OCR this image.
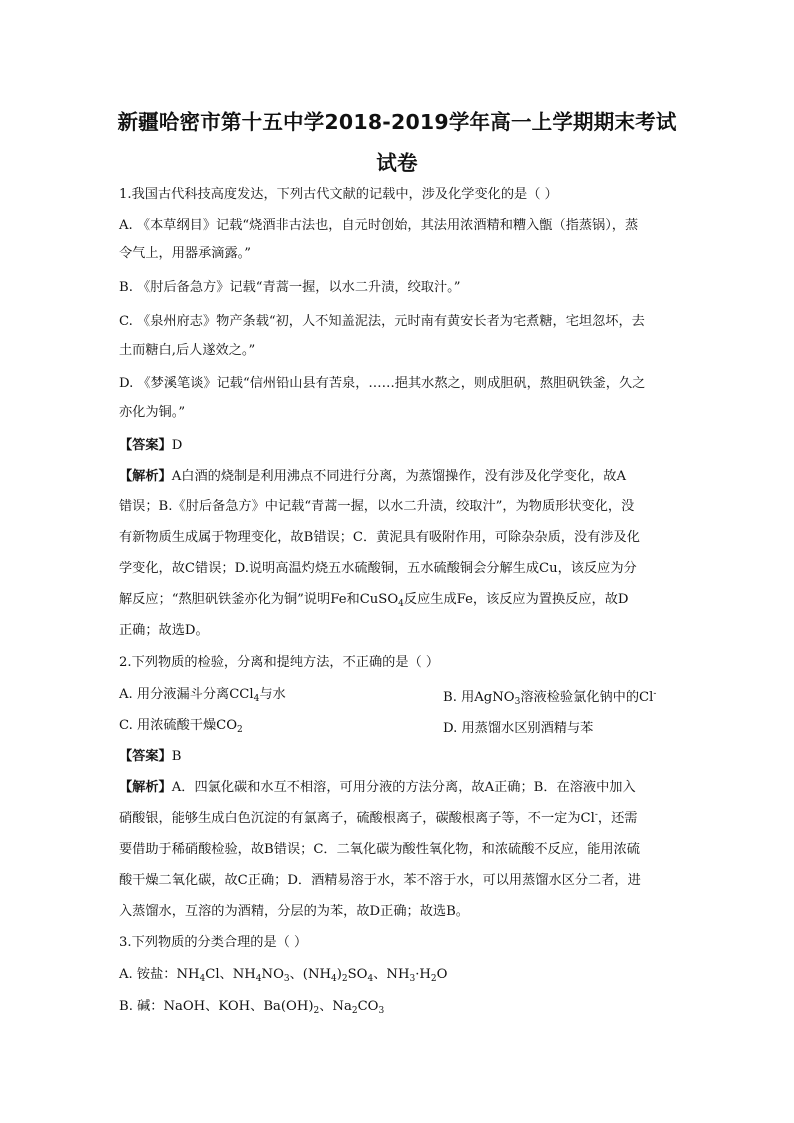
新疆哈密市第十五中学2018-2019学年高一上学期期末考试
试卷
1.我国古代科技高度发达，下列古代文献的记载中，涉及化学变化的是（ ）
A. 《本草纲目》记载“烧酒非古法也，自元时创始，其法用浓酒精和糟入甑（指蒸锅），蒸
令气上，用器承滴露。”
B. 《肘后备急方》记载“青蒿一握，以水二升渍，绞取汁。”
C. 《泉州府志》物产条载“初，人不知盖泥法，元时南有黄安长者为宅煮糖，宅坦忽坏，去
土而糖白,后人遂效之。”
D. 《梦溪笔谈》记载“信州铅山县有苦泉，……挹其水熬之，则成胆矾，熬胆矾铁釜，久之
亦化为铜。”
【答案】D
【解析】A白酒的烧制是利用沸点不同进行分离，为蒸馏操作，没有涉及化学变化，故A
错误；B.《肘后备急方》中记载“青蒿一握，以水二升渍，绞取汁”，为物质形状变化，没
有新物质生成属于物理变化，故B错误；C．黄泥具有吸附作用，可除杂杂质，没有涉及化
学变化，故C错误；D.说明高温灼烧五水硫酸铜，五水硫酸铜会分解生成Cu，该反应为分
解反应；“熬胆矾铁釜亦化为铜”说明Fe和CuSO$_4$反应生成Fe，该反应为置换反应，故D
正确；故选D。
2.下列物质的检验，分离和提纯方法，不正确的是（ ）
A. 用分液漏斗分离CCl$_4$与水	B. 用AgNO$_3$溶液检验氯化钠中的Cl-
C. 用浓硫酸干燥$CO_2$	D. 用蒸馏水区别酒精与苯
【答案】B
【解析】A．四氯化碳和水互不相溶，可用分液的方法分离，故A正确；B．在溶液中加入
硝酸银，能够生成白色沉淀的有氯离子，硫酸根离子，碳酸根离子等，不一定为Cl-，还需
要借助于稀硝酸检验，故B错误；C．二氧化碳为酸性氧化物，和浓硫酸不反应，能用浓硫
酸干燥二氧化碳，故C正确；D．酒精易溶于水，苯不溶于水，可以用蒸馏水区分二者，进
入蒸馏水，互溶的为酒精，分层的为苯，故D正确；故选B。
3.下列物质的分类合理的是（ ）
A. 铵盐：$NH_4Cl$、$NH_4NO_3$、$(NH_4)_2SO_4$、$NH_3\cdot H_2O$
B. 碱：NaOH、KOH、$Ba(OH)_2$、$Na_2CO_3$
